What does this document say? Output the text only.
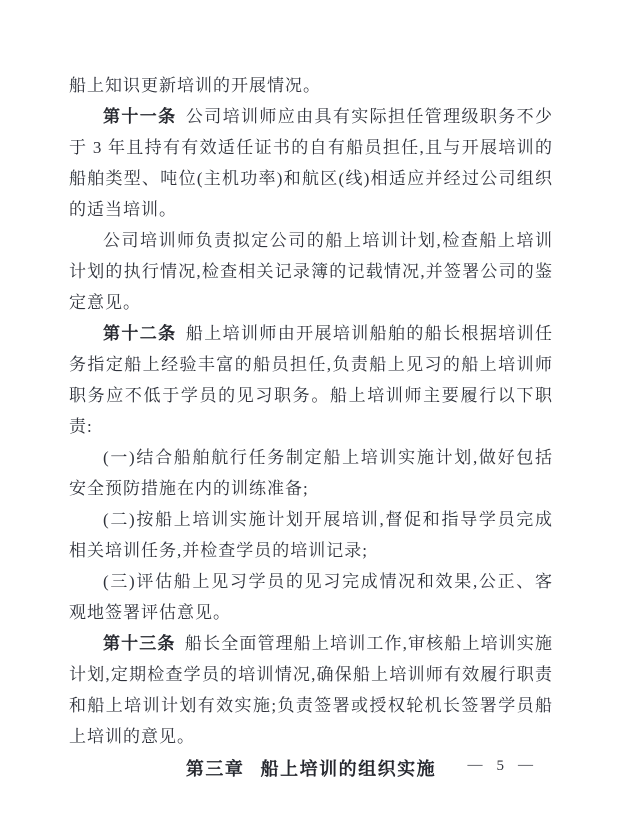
船上知识更新培训的开展情况。

第十一条 公司培训师应由具有实际担任管理级职务不少于 3 年且持有有效适任证书的自有船员担任,且与开展培训的船舶类型、吨位(主机功率)和航区(线)相适应并经过公司组织的适当培训。

公司培训师负责拟定公司的船上培训计划,检查船上培训计划的执行情况,检查相关记录簿的记载情况,并签署公司的鉴定意见。

第十二条 船上培训师由开展培训船舶的船长根据培训任务指定船上经验丰富的船员担任,负责船上见习的船上培训师职务应不低于学员的见习职务。船上培训师主要履行以下职责:

(一)结合船舶航行任务制定船上培训实施计划,做好包括安全预防措施在内的训练准备;

(二)按船上培训实施计划开展培训,督促和指导学员完成相关培训任务,并检查学员的培训记录;

(三)评估船上见习学员的见习完成情况和效果,公正、客观地签署评估意见。

第十三条 船长全面管理船上培训工作,审核船上培训实施计划,定期检查学员的培训情况,确保船上培训师有效履行职责和船上培训计划有效实施;负责签署或授权轮机长签署学员船上培训的意见。

第三章 船上培训的组织实施	— 5 —
